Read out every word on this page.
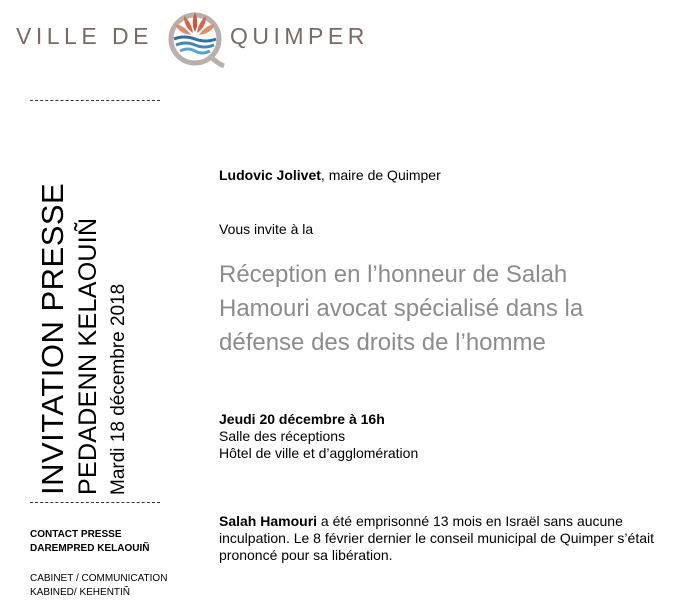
VILLE DE	QUIMPER
INVITATION PRESSE PEDADENN KELAOUIÑ Mardi 18 décembre 2018
CONTACT PRESSE
DAREMPRED KELAOUIÑ
CABINET / COMMUNICATION
KABINED/ KEHENTIÑ
Ludovic Jolivet, maire de Quimper
Vous invite à la
Réception en l’honneur de Salah Hamouri avocat spécialisé dans la défense des droits de l’homme
Jeudi 20 décembre à 16h
Salle des réceptions
Hôtel de ville et d’agglomération
Salah Hamouri a été emprisonné 13 mois en Israël sans aucune inculpation. Le 8 février dernier le conseil municipal de Quimper s’était prononcé pour sa libération.
